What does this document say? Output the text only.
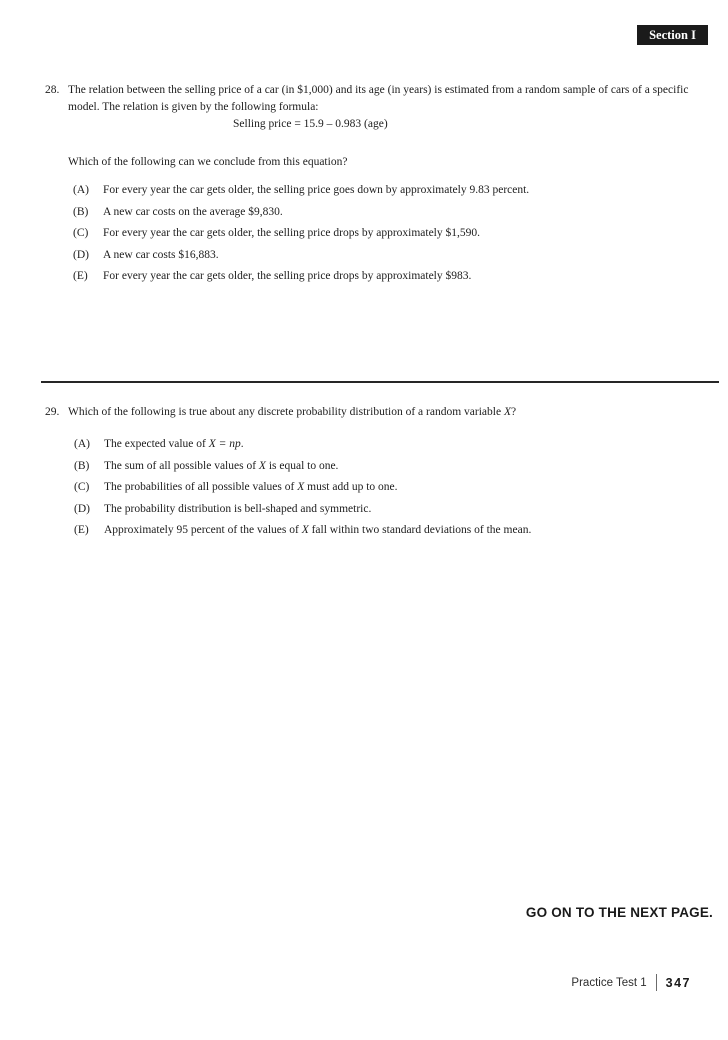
Section I
28. The relation between the selling price of a car (in $1,000) and its age (in years) is estimated from a random sample of cars of a specific model. The relation is given by the following formula:
Selling price = 15.9 – 0.983 (age)
Which of the following can we conclude from this equation?
(A)	For every year the car gets older, the selling price goes down by approximately 9.83 percent.
(B)	A new car costs on the average $9,830.
(C)	For every year the car gets older, the selling price drops by approximately $1,590.
(D)	A new car costs $16,883.
(E)	For every year the car gets older, the selling price drops by approximately $983.
29. Which of the following is true about any discrete probability distribution of a random variable X?
(A)	The expected value of X = np.
(B)	The sum of all possible values of X is equal to one.
(C)	The probabilities of all possible values of X must add up to one.
(D)	The probability distribution is bell-shaped and symmetric.
(E)	Approximately 95 percent of the values of X fall within two standard deviations of the mean.
GO ON TO THE NEXT PAGE.
Practice Test 1 347
